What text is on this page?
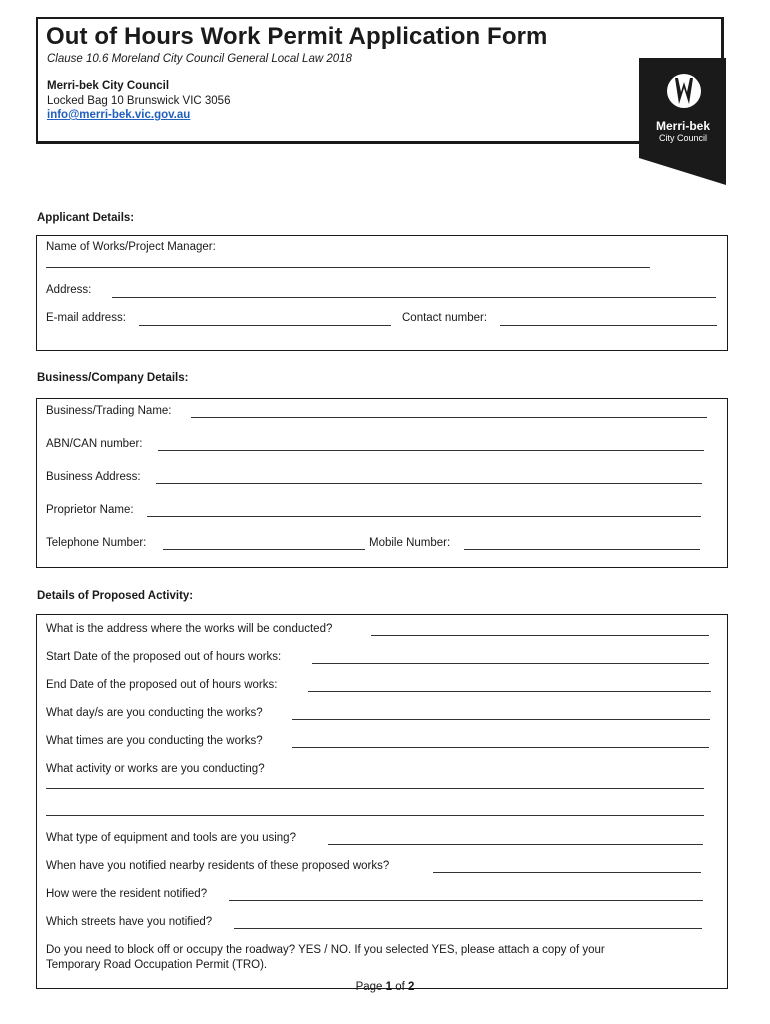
Out of Hours Work Permit Application Form
Clause 10.6 Moreland City Council General Local Law 2018
Merri-bek City Council
Locked Bag 10 Brunswick VIC 3056
info@merri-bek.vic.gov.au
Merri-bek
City Council
Applicant Details:
Name of Works/Project Manager:
Address:
E-mail address:	Contact number:
Business/Company Details:
Business/Trading Name:
ABN/CAN number:
Business Address:
Proprietor Name:
Telephone Number:	Mobile Number:
Details of Proposed Activity:
What is the address where the works will be conducted?
Start Date of the proposed out of hours works:
End Date of the proposed out of hours works:
What day/s are you conducting the works?
What times are you conducting the works?
What activity or works are you conducting?
What type of equipment and tools are you using?
When have you notified nearby residents of these proposed works?
How were the resident notified?
Which streets have you notified?
Do you need to block off or occupy the roadway? YES / NO. If you selected YES, please attach a copy of your
Temporary Road Occupation Permit (TRO).
Page 1 of 2
